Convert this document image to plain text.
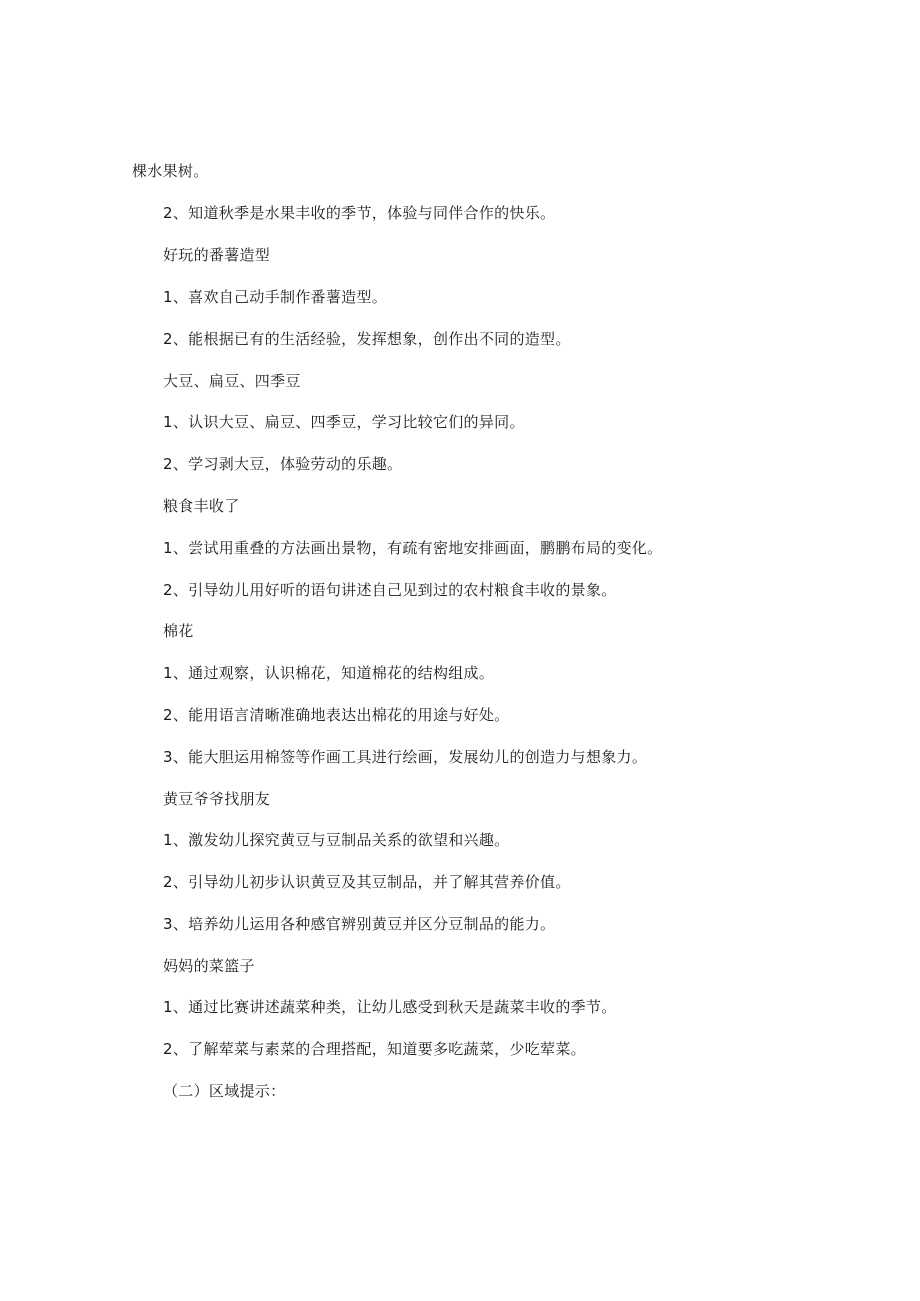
棵水果树。
2、知道秋季是水果丰收的季节，体验与同伴合作的快乐。
好玩的番薯造型
1、喜欢自己动手制作番薯造型。
2、能根据已有的生活经验，发挥想象，创作出不同的造型。
大豆、扁豆、四季豆
1、认识大豆、扁豆、四季豆，学习比较它们的异同。
2、学习剥大豆，体验劳动的乐趣。
粮食丰收了
1、尝试用重叠的方法画出景物，有疏有密地安排画面，鹏鹏布局的变化。
2、引导幼儿用好听的语句讲述自己见到过的农村粮食丰收的景象。
棉花
1、通过观察，认识棉花，知道棉花的结构组成。
2、能用语言清晰准确地表达出棉花的用途与好处。
3、能大胆运用棉签等作画工具进行绘画，发展幼儿的创造力与想象力。
黄豆爷爷找朋友
1、激发幼儿探究黄豆与豆制品关系的欲望和兴趣。
2、引导幼儿初步认识黄豆及其豆制品，并了解其营养价值。
3、培养幼儿运用各种感官辨别黄豆并区分豆制品的能力。
妈妈的菜篮子
1、通过比赛讲述蔬菜种类，让幼儿感受到秋天是蔬菜丰收的季节。
2、了解荤菜与素菜的合理搭配，知道要多吃蔬菜，少吃荤菜。
（二）区域提示：
